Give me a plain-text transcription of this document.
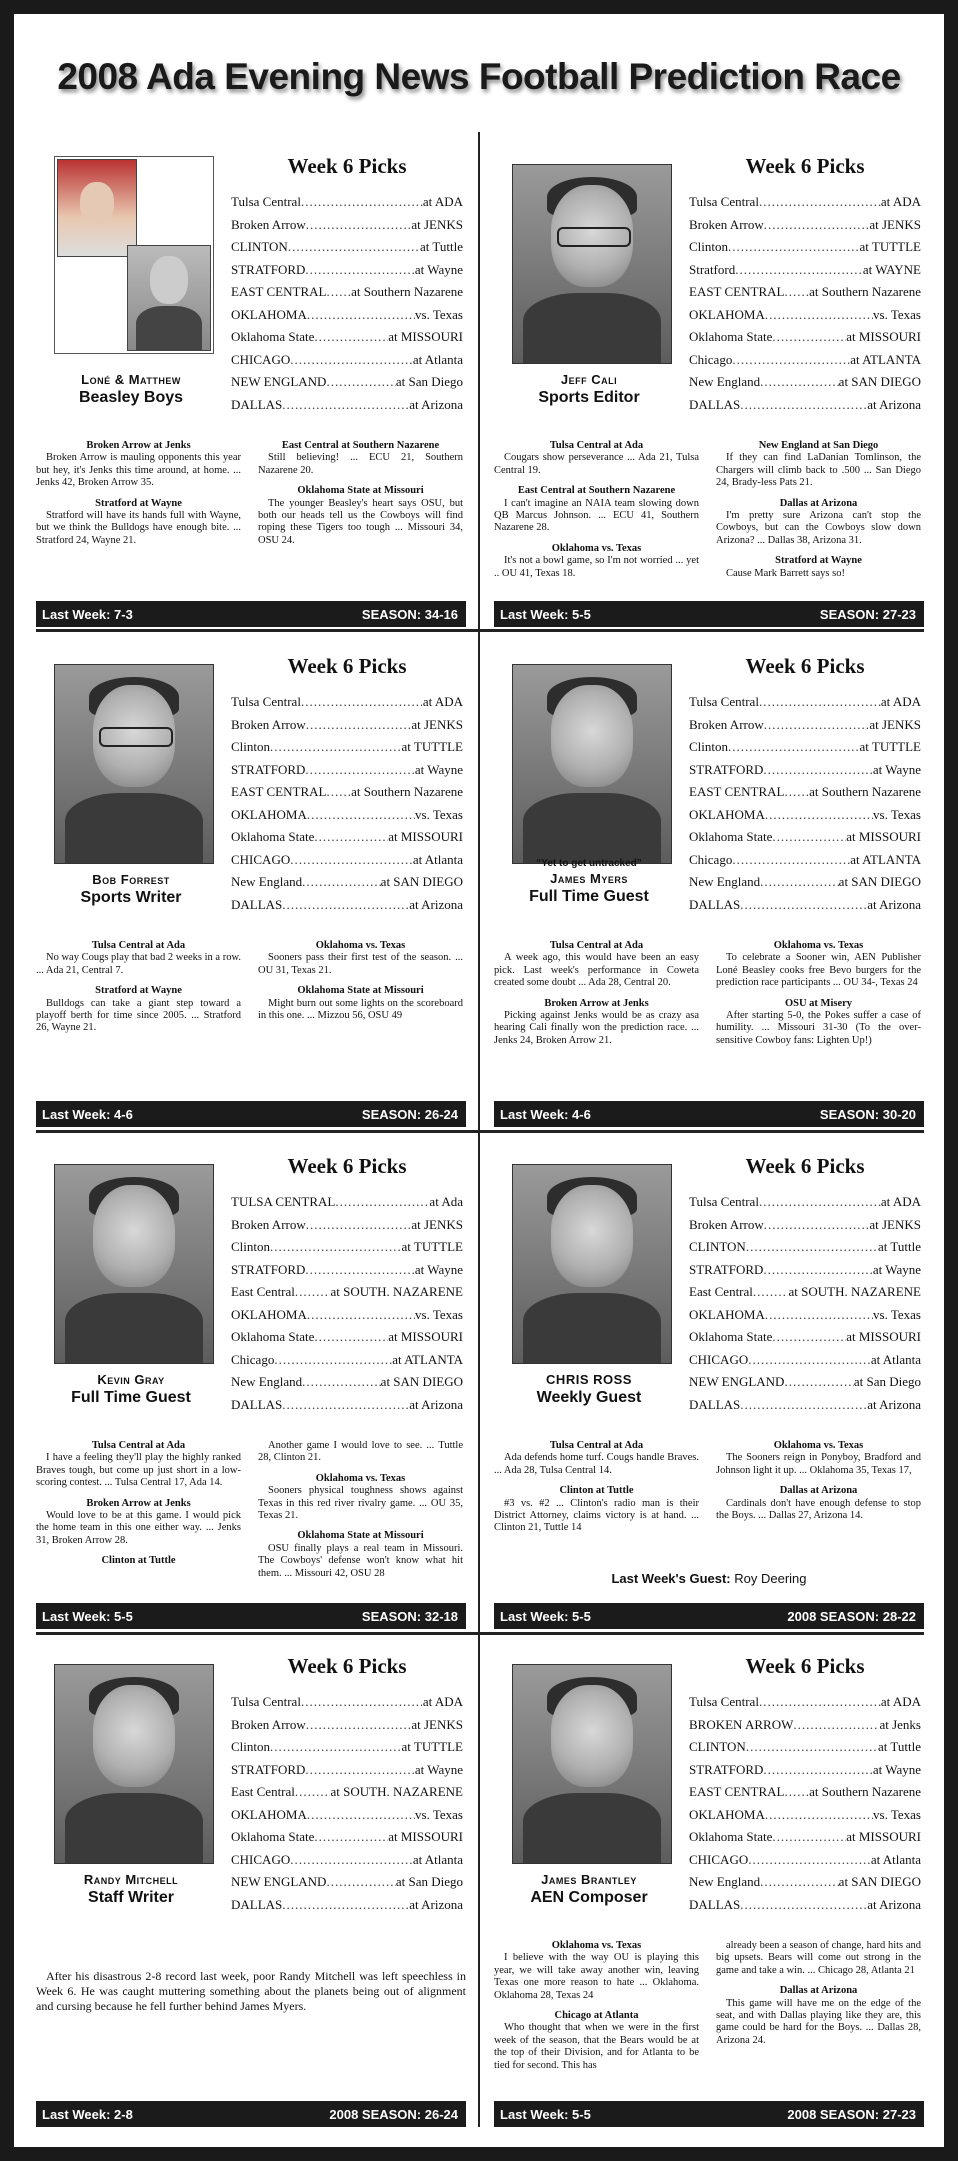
2008 Ada Evening News Football Prediction Race
Loné & Matthew
Beasley Boys
Week 6 Picks
Tulsa Central .....	at ADA
Broken Arrow .....	at JENKS
CLINTON .....	at Tuttle
STRATFORD .....	at Wayne
EAST CENTRAL ..... at Southern Nazarene
OKLAHOMA .....	vs. Texas
Oklahoma State .....	at MISSOURI
CHICAGO .....	at Atlanta
NEW ENGLAND .....	at San Diego
DALLAS .....	at Arizona
Broken Arrow at Jenks

Broken Arrow is mauling opponents this year but hey, it's Jenks this time around, at home. ... Jenks 42, Broken Arrow 35.

Stratford at Wayne

Stratford will have its hands full with Wayne, but we think the Bulldogs have enough bite. ... Stratford 24, Wayne 21.

East Central at Southern Nazarene

Still believing! ... ECU 21, Southern Nazarene 20.

Oklahoma State at Missouri

The younger Beasley's heart says OSU, but both our heads tell us the Cowboys will find roping these Tigers too tough ... Missouri 34, OSU 24.

Last Week: 7-3	SEASON: 34-16
Jeff Cali
Sports Editor
Week 6 Picks
Tulsa Central .....	at ADA
Broken Arrow .....	at JENKS
Clinton .....	at TUTTLE
Stratford .....	at WAYNE
EAST CENTRAL ..... at Southern Nazarene
OKLAHOMA .....	vs. Texas
Oklahoma State .....	at MISSOURI
Chicago .....	at ATLANTA
New England .....	at SAN DIEGO
DALLAS .....	at Arizona
Tulsa Central at Ada

Cougars show perseverance ... Ada 21, Tulsa Central 19.

East Central at Southern Nazarene

I can't imagine an NAIA team slowing down QB Marcus Johnson. ... ECU 41, Southern Nazarene 28.

Oklahoma vs. Texas

It's not a bowl game, so I'm not worried ... yet .. OU 41, Texas 18.

New England at San Diego

If they can find LaDanian Tomlinson, the Chargers will climb back to .500 ... San Diego 24, Brady-less Pats 21.

Dallas at Arizona

I'm pretty sure Arizona can't stop the Cowboys, but can the Cowboys slow down Arizona? ... Dallas 38, Arizona 31.

Stratford at Wayne

Cause Mark Barrett says so!

Last Week: 5-5	SEASON: 27-23
Bob Forrest
Sports Writer
Week 6 Picks
Tulsa Central .....	at ADA
Broken Arrow .....	at JENKS
Clinton .....	at TUTTLE
STRATFORD .....	at Wayne
EAST CENTRAL ..... at Southern Nazarene
OKLAHOMA .....	vs. Texas
Oklahoma State .....	at MISSOURI
CHICAGO .....	at Atlanta
New England .....	at SAN DIEGO
DALLAS .....	at Arizona
Tulsa Central at Ada

No way Cougs play that bad 2 weeks in a row. ... Ada 21, Central 7.

Stratford at Wayne

Bulldogs can take a giant step toward a playoff berth for time since 2005. ... Stratford 26, Wayne 21.

Oklahoma vs. Texas

Sooners pass their first test of the season. ... OU 31, Texas 21.

Oklahoma State at Missouri

Might burn out some lights on the scoreboard in this one. ... Mizzou 56, OSU 49

Last Week: 4-6	SEASON: 26-24
“Yet to get untracked”
James Myers
Full Time Guest
Week 6 Picks
Tulsa Central .....	at ADA
Broken Arrow .....	at JENKS
Clinton .....	at TUTTLE
STRATFORD .....	at Wayne
EAST CENTRAL ..... at Southern Nazarene
OKLAHOMA .....	vs. Texas
Oklahoma State .....	at MISSOURI
Chicago .....	at ATLANTA
New England .....	at SAN DIEGO
DALLAS .....	at Arizona
Tulsa Central at Ada

A week ago, this would have been an easy pick. Last week's performance in Coweta created some doubt ... Ada 28, Central 20.

Broken Arrow at Jenks

Picking against Jenks would be as crazy asa hearing Cali finally won the prediction race. ... Jenks 24, Broken Arrow 21.

Oklahoma vs. Texas

To celebrate a Sooner win, AEN Publisher Loné Beasley cooks free Bevo burgers for the prediction race participants ... OU 34-, Texas 24

OSU at Misery

After starting 5-0, the Pokes suffer a case of humility. ... Missouri 31-30 (To the over-sensitive Cowboy fans: Lighten Up!)

Last Week: 4-6	SEASON: 30-20
Kevin Gray
Full Time Guest
Week 6 Picks
TULSA CENTRAL .....	at Ada
Broken Arrow .....	at JENKS
Clinton .....	at TUTTLE
STRATFORD .....	at Wayne
East Central .....	at SOUTH. NAZARENE
OKLAHOMA .....	vs. Texas
Oklahoma State .....	at MISSOURI
Chicago .....	at ATLANTA
New England .....	at SAN DIEGO
DALLAS .....	at Arizona
Tulsa Central at Ada

I have a feeling they'll play the highly ranked Braves tough, but come up just short in a low-scoring contest. ... Tulsa Central 17, Ada 14.

Broken Arrow at Jenks

Would love to be at this game. I would pick the home team in this one either way. ... Jenks 31, Broken Arrow 28.

Clinton at Tuttle

Another game I would love to see. ... Tuttle 28, Clinton 21.

Oklahoma vs. Texas

Sooners physical toughness shows against Texas in this red river rivalry game. ... OU 35, Texas 21.

Oklahoma State at Missouri

OSU finally plays a real team in Missouri. The Cowboys' defense won't know what hit them. ... Missouri 42, OSU 28

Last Week: 5-5	SEASON: 32-18
CHRIS ROSS
Weekly Guest
Week 6 Picks
Tulsa Central .....	at ADA
Broken Arrow .....	at JENKS
CLINTON .....	at Tuttle
STRATFORD .....	at Wayne
East Central .....	at SOUTH. NAZARENE
OKLAHOMA .....	vs. Texas
Oklahoma State .....	at MISSOURI
CHICAGO .....	at Atlanta
NEW ENGLAND .....	at San Diego
DALLAS .....	at Arizona
Tulsa Central at Ada

Ada defends home turf. Cougs handle Braves. ... Ada 28, Tulsa Central 14.

Clinton at Tuttle

#3 vs. #2 ... Clinton's radio man is their District Attorney, claims victory is at hand. ... Clinton 21, Tuttle 14

Oklahoma vs. Texas

The Sooners reign in Ponyboy, Bradford and Johnson light it up. ... Oklahoma 35, Texas 17,

Dallas at Arizona

Cardinals don't have enough defense to stop the Boys. ... Dallas 27, Arizona 14.

Last Week's Guest: Roy Deering
Last Week: 5-5	2008 SEASON: 28-22
Randy Mitchell
Staff Writer
Week 6 Picks
Tulsa Central .....	at ADA
Broken Arrow .....	at JENKS
Clinton .....	at TUTTLE
STRATFORD .....	at Wayne
East Central .....	at SOUTH. NAZARENE
OKLAHOMA .....	vs. Texas
Oklahoma State .....	at MISSOURI
CHICAGO .....	at Atlanta
NEW ENGLAND .....	at San Diego
DALLAS .....	at Arizona
After his disastrous 2-8 record last week, poor Randy Mitchell was left speechless in Week 6. He was caught muttering something about the planets being out of alignment and cursing because he fell further behind James Myers.
Last Week: 2-8	2008 SEASON: 26-24
James Brantley
AEN Composer
Week 6 Picks
Tulsa Central .....	at ADA
BROKEN ARROW .....	at Jenks
CLINTON .....	at Tuttle
STRATFORD .....	at Wayne
EAST CENTRAL ..... at Southern Nazarene
OKLAHOMA .....	vs. Texas
Oklahoma State .....	at MISSOURI
CHICAGO .....	at Atlanta
New England .....	at SAN DIEGO
DALLAS .....	at Arizona
Oklahoma vs. Texas

I believe with the way OU is playing this year, we will take away another win, leaving Texas one more reason to hate ... Oklahoma. Oklahoma 28, Texas 24

Chicago at Atlanta

Who thought that when we were in the first week of the season, that the Bears would be at the top of their Division, and for Atlanta to be tied for second. This has

already been a season of change, hard hits and big upsets. Bears will come out strong in the game and take a win. ... Chicago 28, Atlanta 21

Dallas at Arizona

This game will have me on the edge of the seat, and with Dallas playing like they are, this game could be hard for the Boys. ... Dallas 28, Arizona 24.

Last Week: 5-5	2008 SEASON: 27-23
